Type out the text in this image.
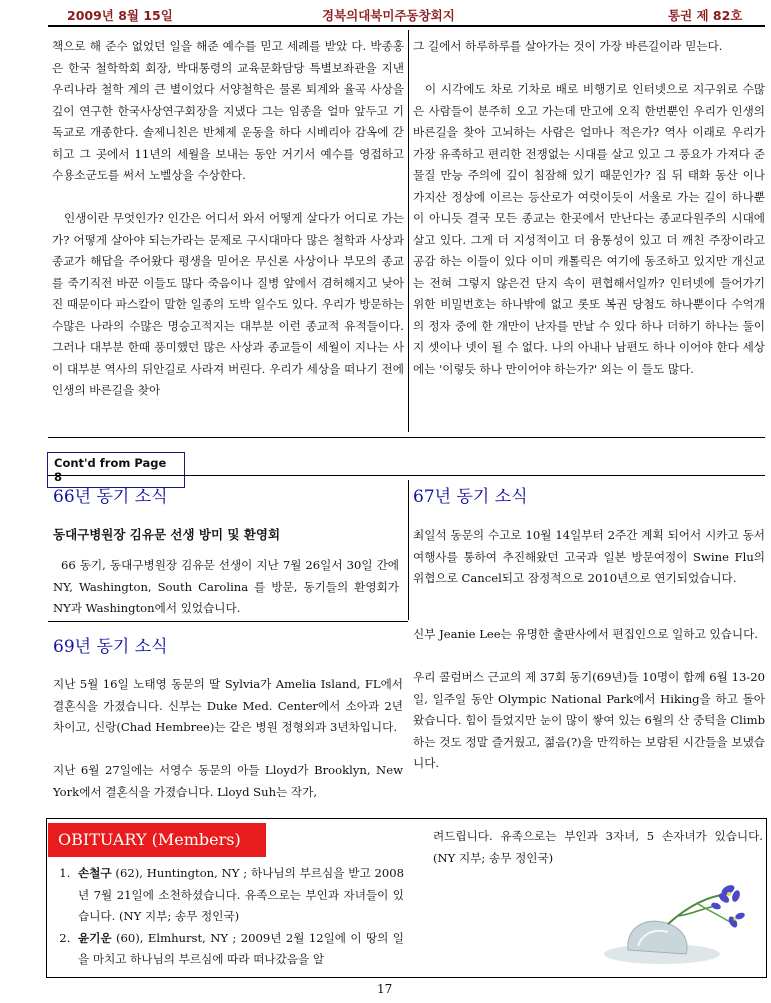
2009년 8월 15일	경북의대북미주동창회지	통권 제 82호

책으로 해 준수 없었던 일을 해준 예수를 믿고 세례를 받았 다. 박종홍 은 한국 철학학회 회장, 박대통령의 교육문화담당 특별보좌관을 지낸 우리나라 철학 계의 큰 별이었다 서양철학은 물론 퇴계와 율곡 사상을 깊이 연구한 한국사상연구회장을 지냈다 그는 임종을 얼마 앞두고 기독교로 개종한다. 솔제니친은 반체제 운동을 하다 시베리아 감옥에 갇히고 그 곳에서 11년의 세월을 보내는 동안 거기서 예수를 영접하고 수용소군도를 써서 노벨상을 수상한다.

인생이란 무엇인가? 인간은 어디서 와서 어떻게 살다가 어디로 가는가? 어떻게 살아야 되는가라는 문제로 구시대마다 많은 철학과 사상과 종교가 해답을 주어왔다 평생을 믿어온 무신론 사상이나 부모의 종교를 죽기직전 바꾼 이들도 많다 죽음이나 질병 앞에서 겸허해지고 낮아진 때문이다 파스칼이 말한 일종의 도박 일수도 있다. 우리가 방문하는 수많은 나라의 수많은 명승고적지는 대부분 이런 종교적 유적들이다. 그러나 대부분 한때 풍미했던 많은 사상과 종교들이 세월이 지나는 사이 대부분 역사의 뒤안길로 사라져 버린다. 우리가 세상을 떠나기 전에 인생의 바른길을 찾아

그 길에서 하루하루를 살아가는 것이 가장 바른길이라 믿는다.

이 시각에도 차로 기차로 배로 비행기로 인터넷으로 지구위로 수많은 사람들이 분주히 오고 가는데 만고에 오직 한번뿐인 우리가 인생의 바른길을 찾아 고뇌하는 사람은 얼마나 적은가? 역사 이래로 우리가 가장 유족하고 편리한 전쟁없는 시대를 살고 있고 그 풍요가 가져다 준 물질 만능 주의에 깊이 침잠해 있기 때문인가? 집 뒤 태화 동산 이나 가지산 정상에 이르는 등산로가 여럿이듯이 서울로 가는 길이 하나뿐이 아니듯 결국 모든 종교는 한곳에서 만난다는 종교다원주의 시대에 살고 있다. 그게 더 지성적이고 더 융통성이 있고 더 깨친 주장이라고 공감 하는 이들이 있다 이미 캐톨릭은 여기에 동조하고 있지만 개신교는 전혀 그렇지 않은건 단지 속이 편협해서일까? 인터넷에 들어가기 위한 비밀번호는 하나밖에 없고 롯또 복권 당첨도 하나뿐이다 수억개의 정자 중에 한 개만이 난자를 만날 수 있다 하나 더하기 하나는 둘이지 셋이나 넷이 될 수 없다. 나의 아내나 남편도 하나 이어야 한다 세상에는 '이렇듯 하나 만이어야 하는가?' 외는 이 들도 많다.

Cont'd from Page 8
66년 동기 소식
동대구병원장 김유문 선생 방미 및 환영회
66 동기, 동대구병원장 김유문 선생이 지난 7월 26일서 30일 간에 NY, Washington, South Carolina 를 방문, 동기들의 환영회가 NY과 Washington에서 있었습니다.
67년 동기 소식
최일석 동문의 수고로 10월 14일부터 2주간 계획 되어서 시카고 동서여행사를 통하여 추진해왔던 고국과 일본 방문여정이 Swine Flu의 위협으로 Cancel되고 잠정적으로 2010년으로 연기되었습니다.
69년 동기 소식

지난 5월 16일 노태영 동문의 딸 Sylvia가 Amelia Island, FL에서 결혼식을 가졌습니다. 신부는 Duke Med. Center에서 소아과 2년차이고, 신랑(Chad Hembree)는 같은 병원 정형외과 3년차입니다.

지난 6월 27일에는 서영수 동문의 아들 Lloyd가 Brooklyn, New York에서 결혼식을 가졌습니다. Lloyd Suh는 작가,

신부 Jeanie Lee는 유명한 출판사에서 편집인으로 일하고 있습니다.

우리 콜럼버스 근교의 제 37회 동기(69년)들 10명이 함께 6월 13-20일, 일주일 동안 Olympic National Park에서 Hiking을 하고 돌아왔습니다. 힘이 들었지만 눈이 많이 쌓여 있는 6월의 산 중턱을 Climb하는 것도 정말 즐거웠고, 젊음(?)을 만끽하는 보람된 시간들을 보냈습니다.

OBITUARY (Members)
1. 손철구 (62), Huntington, NY ; 하나님의 부르심을 받고 2008년 7월 21일에 소천하셨습니다. 유족으로는 부인과 자녀들이 있습니다. (NY 지부; 송무 정인국)
2. 윤기운 (60), Elmhurst, NY ; 2009년 2월 12일에 이 땅의 일을 마치고 하나님의 부르심에 따라 떠나갔음을 알
려드립니다. 유족으로는 부인과 3자녀, 5 손자녀가 있습니다. (NY 지부; 송무 정인국)
17
